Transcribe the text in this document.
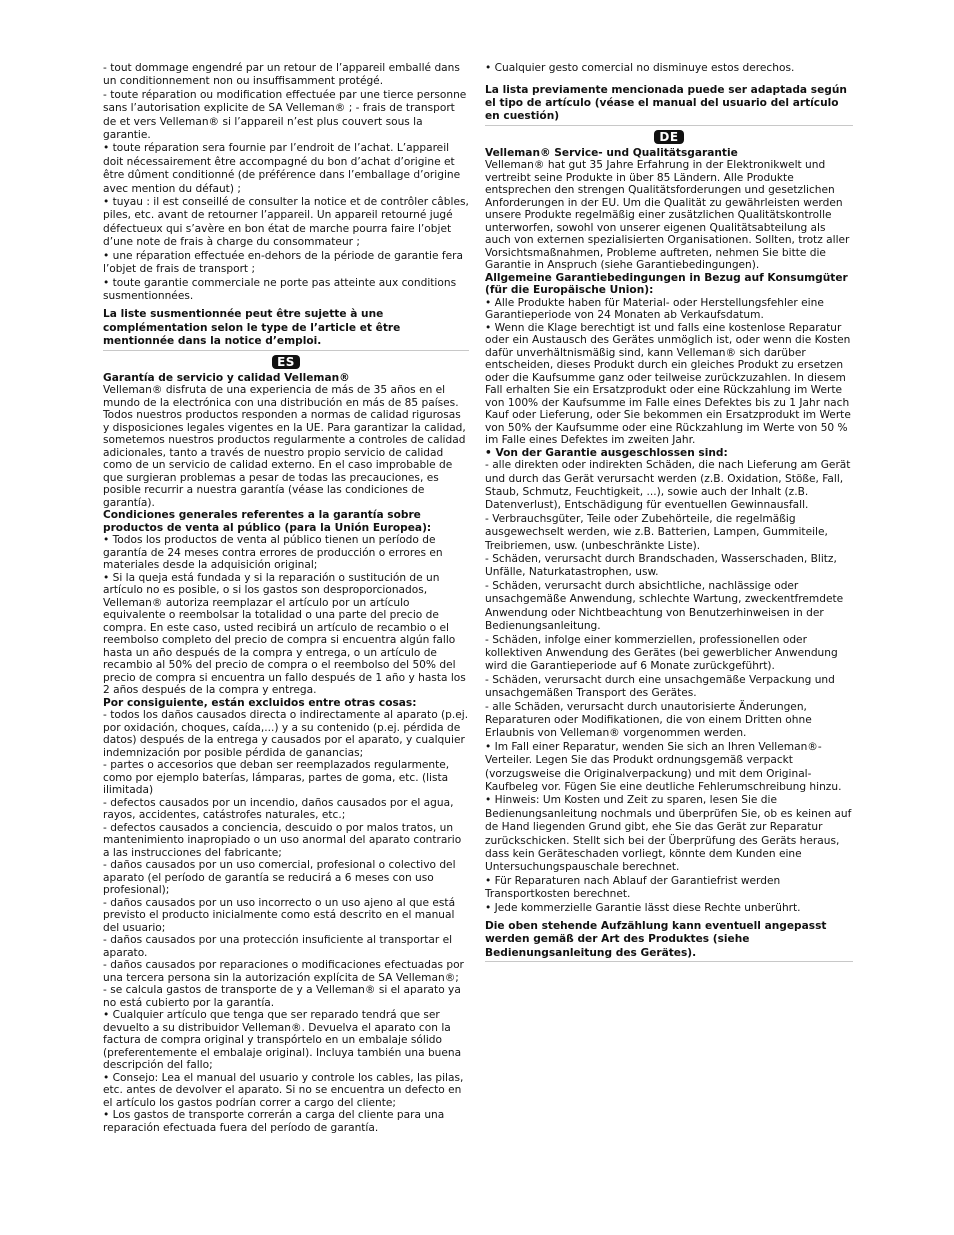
- tout dommage engendré par un retour de l’appareil emballé dans un conditionnement non ou insuffisamment protégé.

- toute réparation ou modification effectuée par une tierce personne sans l’autorisation explicite de SA Velleman® ; - frais de transport de et vers Velleman® si l’appareil n’est plus couvert sous la garantie.

• toute réparation sera fournie par l’endroit de l’achat. L’appareil doit nécessairement être accompagné du bon d’achat d’origine et être dûment conditionné (de préférence dans l’emballage d’origine avec mention du défaut) ;

• tuyau : il est conseillé de consulter la notice et de contrôler câbles, piles, etc. avant de retourner l’appareil. Un appareil retourné jugé défectueux qui s’avère en bon état de marche pourra faire l’objet d’une note de frais à charge du consommateur ;

• une réparation effectuée en-dehors de la période de garantie fera l’objet de frais de transport ;

• toute garantie commerciale ne porte pas atteinte aux conditions susmentionnées.

La liste susmentionnée peut être sujette à une complémentation selon le type de l’article et être mentionnée dans la notice d’emploi.

ES

Garantía de servicio y calidad Velleman®

Velleman® disfruta de una experiencia de más de 35 años en el mundo de la electrónica con una distribución en más de 85 países. Todos nuestros productos responden a normas de calidad rigurosas y disposiciones legales vigentes en la UE. Para garantizar la calidad, sometemos nuestros productos regularmente a controles de calidad adicionales, tanto a través de nuestro propio servicio de calidad como de un servicio de calidad externo. En el caso improbable de que surgieran problemas a pesar de todas las precauciones, es posible recurrir a nuestra garantía (véase las condiciones de garantía).

Condiciones generales referentes a la garantía sobre productos de venta al público (para la Unión Europea):

• Todos los productos de venta al público tienen un período de garantía de 24 meses contra errores de producción o errores en materiales desde la adquisición original;

• Si la queja está fundada y si la reparación o sustitución de un artículo no es posible, o si los gastos son desproporcionados, Velleman® autoriza reemplazar el artículo por un artículo equivalente o reembolsar la totalidad o una parte del precio de compra. En este caso, usted recibirá un artículo de recambio o el reembolso completo del precio de compra si encuentra algún fallo hasta un año después de la compra y entrega, o un artículo de recambio al 50% del precio de compra o el reembolso del 50% del precio de compra si encuentra un fallo después de 1 año y hasta los 2 años después de la compra y entrega.

Por consiguiente, están excluidos entre otras cosas:

- todos los daños causados directa o indirectamente al aparato (p.ej. por oxidación, choques, caída,...) y a su contenido (p.ej. pérdida de datos) después de la entrega y causados por el aparato, y cualquier indemnización por posible pérdida de ganancias;

- partes o accesorios que deban ser reemplazados regularmente, como por ejemplo baterías, lámparas, partes de goma, etc. (lista ilimitada)

- defectos causados por un incendio, daños causados por el agua, rayos, accidentes, catástrofes naturales, etc.;

- defectos causados a conciencia, descuido o por malos tratos, un mantenimiento inapropiado o un uso anormal del aparato contrario a las instrucciones del fabricante;

- daños causados por un uso comercial, profesional o colectivo del aparato (el período de garantía se reducirá a 6 meses con uso profesional);

- daños causados por un uso incorrecto o un uso ajeno al que está previsto el producto inicialmente como está descrito en el manual del usuario;

- daños causados por una protección insuficiente al transportar el aparato.

- daños causados por reparaciones o modificaciones efectuadas por una tercera persona sin la autorización explícita de SA Velleman®;

- se calcula gastos de transporte de y a Velleman® si el aparato ya no está cubierto por la garantía.

• Cualquier artículo que tenga que ser reparado tendrá que ser devuelto a su distribuidor Velleman®. Devuelva el aparato con la factura de compra original y transpórtelo en un embalaje sólido (preferentemente el embalaje original). Incluya también una buena descripción del fallo;

• Consejo: Lea el manual del usuario y controle los cables, las pilas, etc. antes de devolver el aparato. Si no se encuentra un defecto en el artículo los gastos podrían correr a cargo del cliente;

• Los gastos de transporte correrán a carga del cliente para una reparación efectuada fuera del período de garantía.

• Cualquier gesto comercial no disminuye estos derechos.

La lista previamente mencionada puede ser adaptada según el tipo de artículo (véase el manual del usuario del artículo en cuestión)

DE

Velleman® Service- und Qualitätsgarantie

Velleman® hat gut 35 Jahre Erfahrung in der Elektronikwelt und vertreibt seine Produkte in über 85 Ländern. Alle Produkte entsprechen den strengen Qualitätsforderungen und gesetzlichen Anforderungen in der EU. Um die Qualität zu gewährleisten werden unsere Produkte regelmäßig einer zusätzlichen Qualitätskontrolle unterworfen, sowohl von unserer eigenen Qualitätsabteilung als auch von externen spezialisierten Organisationen. Sollten, trotz aller Vorsichtsmaßnahmen, Probleme auftreten, nehmen Sie bitte die Garantie in Anspruch (siehe Garantiebedingungen).

Allgemeine Garantiebedingungen in Bezug auf Konsumgüter (für die Europäische Union):

• Alle Produkte haben für Material- oder Herstellungsfehler eine Garantieperiode von 24 Monaten ab Verkaufsdatum.

• Wenn die Klage berechtigt ist und falls eine kostenlose Reparatur oder ein Austausch des Gerätes unmöglich ist, oder wenn die Kosten dafür unverhältnismäßig sind, kann Velleman® sich darüber entscheiden, dieses Produkt durch ein gleiches Produkt zu ersetzen oder die Kaufsumme ganz oder teilweise zurückzuzahlen. In diesem Fall erhalten Sie ein Ersatzprodukt oder eine Rückzahlung im Werte von 100% der Kaufsumme im Falle eines Defektes bis zu 1 Jahr nach Kauf oder Lieferung, oder Sie bekommen ein Ersatzprodukt im Werte von 50% der Kaufsumme oder eine Rückzahlung im Werte von 50 % im Falle eines Defektes im zweiten Jahr.

• Von der Garantie ausgeschlossen sind:

- alle direkten oder indirekten Schäden, die nach Lieferung am Gerät und durch das Gerät verursacht werden (z.B. Oxidation, Stöße, Fall, Staub, Schmutz, Feuchtigkeit, ...), sowie auch der Inhalt (z.B. Datenverlust), Entschädigung für eventuellen Gewinnausfall.

- Verbrauchsgüter, Teile oder Zubehörteile, die regelmäßig ausgewechselt werden, wie z.B. Batterien, Lampen, Gummiteile, Treibriemen, usw. (unbeschränkte Liste).

- Schäden, verursacht durch Brandschaden, Wasserschaden, Blitz, Unfälle, Naturkatastrophen, usw.

- Schäden, verursacht durch absichtliche, nachlässige oder unsachgemäße Anwendung, schlechte Wartung, zweckentfremdete Anwendung oder Nichtbeachtung von Benutzerhinweisen in der Bedienungsanleitung.

- Schäden, infolge einer kommerziellen, professionellen oder kollektiven Anwendung des Gerätes (bei gewerblicher Anwendung wird die Garantieperiode auf 6 Monate zurückgeführt).

- Schäden, verursacht durch eine unsachgemäße Verpackung und unsachgemäßen Transport des Gerätes.

- alle Schäden, verursacht durch unautorisierte Änderungen, Reparaturen oder Modifikationen, die von einem Dritten ohne Erlaubnis von Velleman® vorgenommen werden.

• Im Fall einer Reparatur, wenden Sie sich an Ihren Velleman®-Verteiler. Legen Sie das Produkt ordnungsgemäß verpackt (vorzugsweise die Originalverpackung) und mit dem Original-Kaufbeleg vor. Fügen Sie eine deutliche Fehlerumschreibung hinzu.

• Hinweis: Um Kosten und Zeit zu sparen, lesen Sie die Bedienungsanleitung nochmals und überprüfen Sie, ob es keinen auf de Hand liegenden Grund gibt, ehe Sie das Gerät zur Reparatur zurückschicken. Stellt sich bei der Überprüfung des Geräts heraus, dass kein Geräteschaden vorliegt, könnte dem Kunden eine Untersuchungspauschale berechnet.

• Für Reparaturen nach Ablauf der Garantiefrist werden Transportkosten berechnet.

• Jede kommerzielle Garantie lässt diese Rechte unberührt.

Die oben stehende Aufzählung kann eventuell angepasst werden gemäß der Art des Produktes (siehe Bedienungsanleitung des Gerätes).
